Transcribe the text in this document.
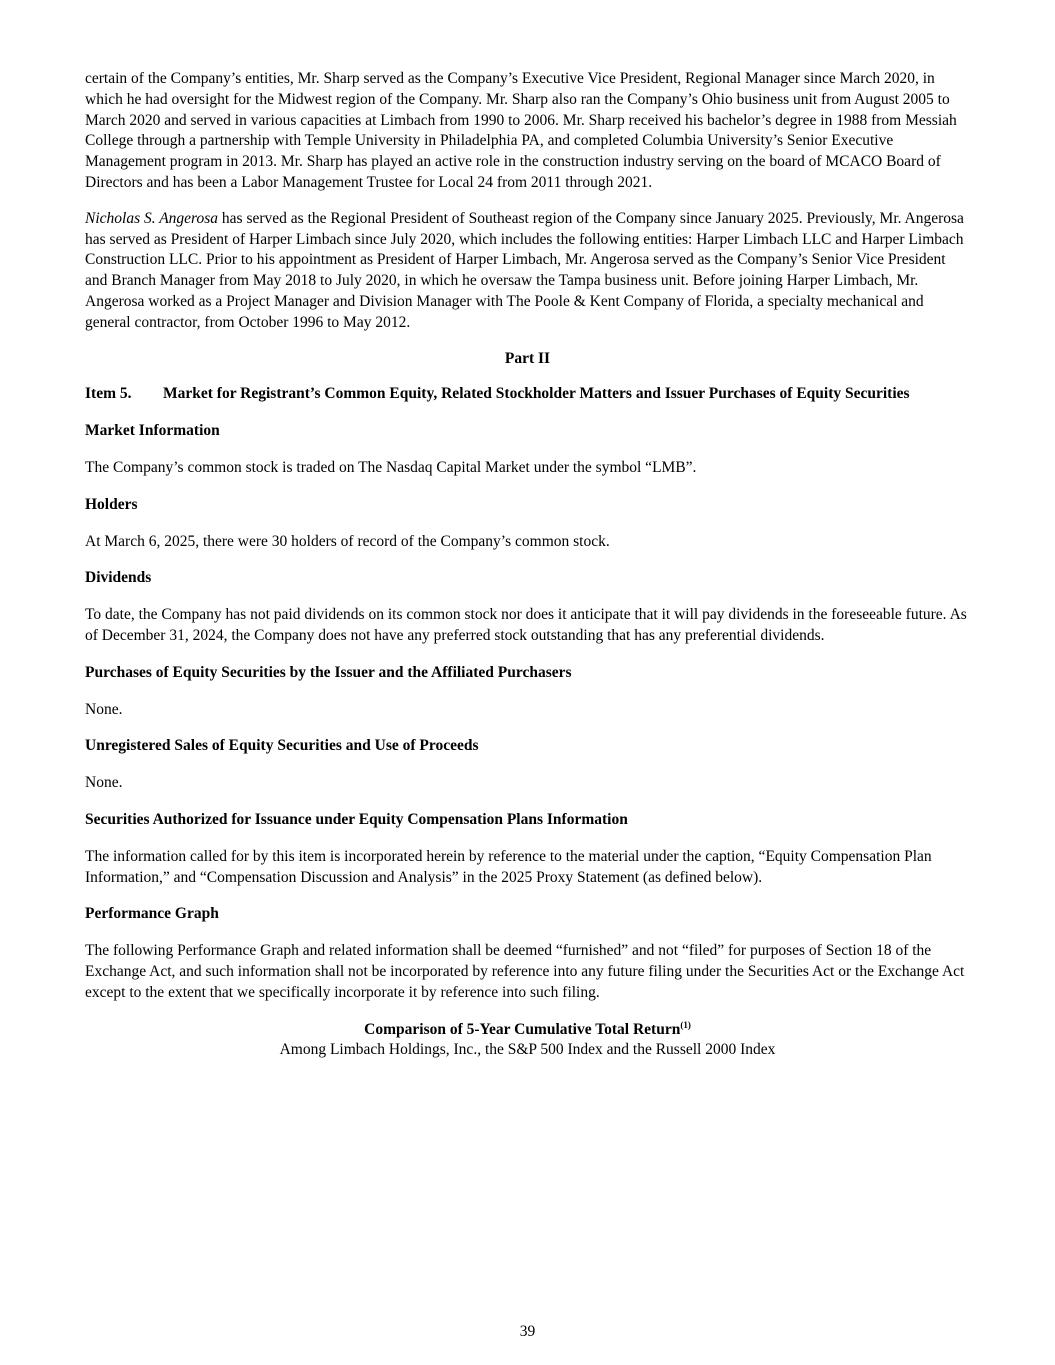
certain of the Company’s entities, Mr. Sharp served as the Company’s Executive Vice President, Regional Manager since March 2020, in which he had oversight for the Midwest region of the Company. Mr. Sharp also ran the Company’s Ohio business unit from August 2005 to March 2020 and served in various capacities at Limbach from 1990 to 2006. Mr. Sharp received his bachelor’s degree in 1988 from Messiah College through a partnership with Temple University in Philadelphia PA, and completed Columbia University’s Senior Executive Management program in 2013. Mr. Sharp has played an active role in the construction industry serving on the board of MCACO Board of Directors and has been a Labor Management Trustee for Local 24 from 2011 through 2021.

Nicholas S. Angerosa has served as the Regional President of Southeast region of the Company since January 2025. Previously, Mr. Angerosa has served as President of Harper Limbach since July 2020, which includes the following entities: Harper Limbach LLC and Harper Limbach Construction LLC. Prior to his appointment as President of Harper Limbach, Mr. Angerosa served as the Company’s Senior Vice President and Branch Manager from May 2018 to July 2020, in which he oversaw the Tampa business unit. Before joining Harper Limbach, Mr. Angerosa worked as a Project Manager and Division Manager with The Poole & Kent Company of Florida, a specialty mechanical and general contractor, from October 1996 to May 2012.

Part II

Item 5.	Market for Registrant’s Common Equity, Related Stockholder Matters and Issuer Purchases of Equity Securities

Market Information

The Company’s common stock is traded on The Nasdaq Capital Market under the symbol “LMB”.

Holders

At March 6, 2025, there were 30 holders of record of the Company’s common stock.

Dividends

To date, the Company has not paid dividends on its common stock nor does it anticipate that it will pay dividends in the foreseeable future. As of December 31, 2024, the Company does not have any preferred stock outstanding that has any preferential dividends.

Purchases of Equity Securities by the Issuer and the Affiliated Purchasers

None.

Unregistered Sales of Equity Securities and Use of Proceeds

None.

Securities Authorized for Issuance under Equity Compensation Plans Information

The information called for by this item is incorporated herein by reference to the material under the caption, “Equity Compensation Plan Information,” and “Compensation Discussion and Analysis” in the 2025 Proxy Statement (as defined below).

Performance Graph

The following Performance Graph and related information shall be deemed “furnished” and not “filed” for purposes of Section 18 of the Exchange Act, and such information shall not be incorporated by reference into any future filing under the Securities Act or the Exchange Act except to the extent that we specifically incorporate it by reference into such filing.

Comparison of 5-Year Cumulative Total Return$^{(1)}$

Among Limbach Holdings, Inc., the S&P 500 Index and the Russell 2000 Index

39
